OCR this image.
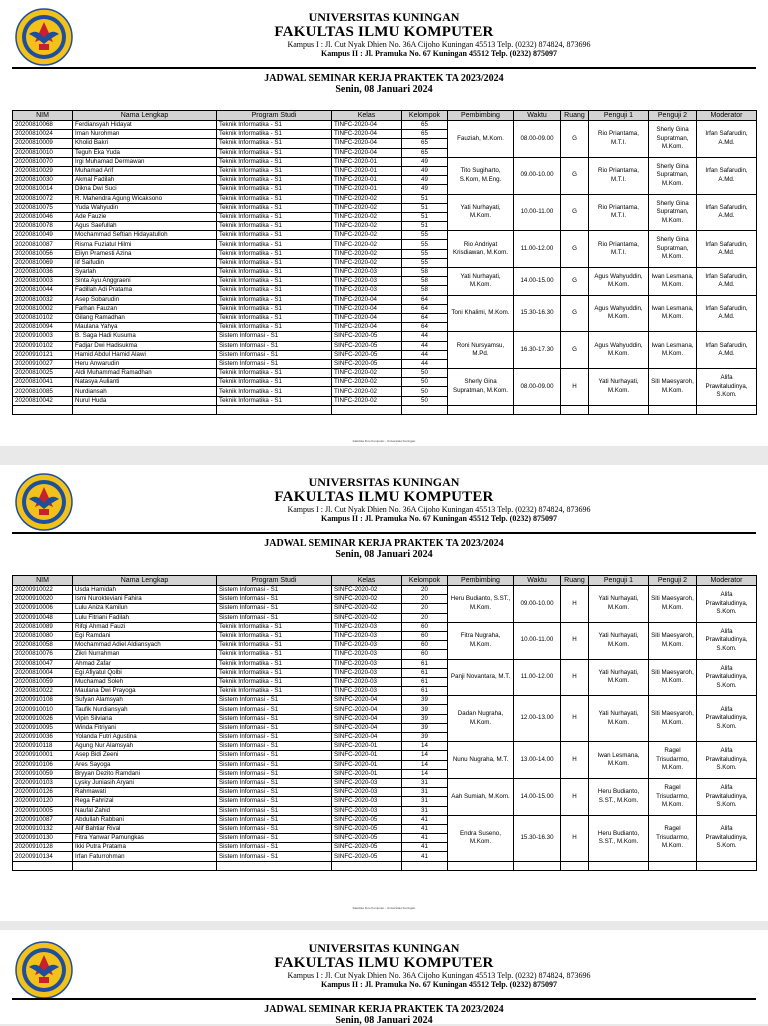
UNIVERSITAS KUNINGAN
FAKULTAS ILMU KOMPUTER
Kampus I : Jl. Cut Nyak Dhien No. 36A Cijoho Kuningan 45513 Telp. (0232) 874824, 873696
Kampus II : Jl. Pramuka No. 67 Kuningan 45512 Telp. (0232) 875097
JADWAL SEMINAR KERJA PRAKTEK TA 2023/2024
Senin, 08 Januari 2024
NIM	Nama Lengkap	Program Studi	Kelas	Kelompok	Pembimbing	Waktu	Ruang	Penguji 1	Penguji 2	Moderator
20200810068	Ferdiansyah Hidayat	Teknik Informatika - S1	TINFC-2020-04	65	Fauziah, M.Kom.	08.00-09.00	G	Rio Priantama, M.T.I.	Sherly Gina Supratman, M.Kom.	Irfan Safarudin, A.Md.
20200810024	Iman Nurohman	Teknik Informatika - S1	TINFC-2020-04	65						
20200810009	Kholid Bakri	Teknik Informatika - S1	TINFC-2020-04	65						
20200810010	Teguh Eka Yuda	Teknik Informatika - S1	TINFC-2020-04	65						
20200810070	Irgi Muhamad Dermawan	Teknik Informatika - S1	TINFC-2020-01	49	Tito Sugiharto, S.Kom, M.Eng.	09.00-10.00	G	Rio Priantama, M.T.I.	Sherly Gina Supratman, M.Kom.	Irfan Safarudin, A.Md.
20200810029	Muhamad Arif	Teknik Informatika - S1	TINFC-2020-01	49						
20200810030	Akmal Fadilah	Teknik Informatika - S1	TINFC-2020-01	49						
20200810014	Dikna Dwi Suci	Teknik Informatika - S1	TINFC-2020-01	49						
20200810072	R. Mahendra Agung Wicaksono	Teknik Informatika - S1	TINFC-2020-02	51	Yati Nurhayati, M.Kom.	10.00-11.00	G	Rio Priantama, M.T.I.	Sherly Gina Supratman, M.Kom.	Irfan Safarudin, A.Md.
20200810075	Yuda Wahyudin	Teknik Informatika - S1	TINFC-2020-02	51						
20200810046	Ade Fauzie	Teknik Informatika - S1	TINFC-2020-02	51						
20200810078	Agus Saefullah	Teknik Informatika - S1	TINFC-2020-02	51						
20200810049	Mochammad Seftian Hidayatulloh	Teknik Informatika - S1	TINFC-2020-02	55	Rio Andriyat Krisdiawan, M.Kom.	11.00-12.00	G	Rio Priantama, M.T.I.	Sherly Gina Supratman, M.Kom.	Irfan Safarudin, A.Md.
20200810087	Risma Fuziatul Hilmi	Teknik Informatika - S1	TINFC-2020-02	55						
20200810056	Eliyn Pramesti Azina	Teknik Informatika - S1	TINFC-2020-02	55						
20200810069	Iif Saifudin	Teknik Informatika - S1	TINFC-2020-02	55						
20200810036	Syarlah	Teknik Informatika - S1	TINFC-2020-03	58	Yati Nurhayati, M.Kom.	14.00-15.00	G	Agus Wahyuddin, M.Kom.	Iwan Lesmana, M.Kom.	Irfan Safarudin, A.Md.
20200810003	Sinta Ayu Anggraeni	Teknik Informatika - S1	TINFC-2020-03	58						
20200810044	Fadillah Adi Pratama	Teknik Informatika - S1	TINFC-2020-03	58						
20200810032	Asep Sobarudin	Teknik Informatika - S1	TINFC-2020-04	64	Toni Khalimi, M.Kom.	15.30-16.30	G	Agus Wahyuddin, M.Kom.	Iwan Lesmana, M.Kom.	Irfan Safarudin, A.Md.
20200810002	Farhan Fauzan	Teknik Informatika - S1	TINFC-2020-04	64						
20200810102	Gilang Ramadhan	Teknik Informatika - S1	TINFC-2020-04	64						
20200810094	Maulana Yahya	Teknik Informatika - S1	TINFC-2020-04	64						
20200910003	B. Saga Hadi Kusuma	Sistem Informasi - S1	SINFC-2020-05	44	Roni Nursyamsu, M.Pd.	16.30-17.30	G	Agus Wahyuddin, M.Kom.	Iwan Lesmana, M.Kom.	Irfan Safarudin, A.Md.
20200910102	Fadjar Dwi Hadisukma	Sistem Informasi - S1	SINFC-2020-05	44						
20200910121	Hamid Abdul Hamid Alawi	Sistem Informasi - S1	SINFC-2020-05	44						
20200910027	Heru Anwarudin	Sistem Informasi - S1	SINFC-2020-05	44						
20200810025	Aldi Muhammad Ramadhan	Teknik Informatika - S1	TINFC-2020-02	50	Sherly Gina Supratman, M.Kom.	08.00-09.00	H	Yati Nurhayati, M.Kom.	Siti Maesyaroh, M.Kom.	Alifa Prawitaludinya, S.Kom.
20200810041	Natasya Aulianti	Teknik Informatika - S1	TINFC-2020-02	50						
20200810085	Nurdiansah	Teknik Informatika - S1	TINFC-2020-02	50						
20200810042	Nurul Huda	Teknik Informatika - S1	TINFC-2020-02	50						

Fakultas Ilmu Komputer - Universitas Kuningan
UNIVERSITAS KUNINGAN
FAKULTAS ILMU KOMPUTER
Kampus I : Jl. Cut Nyak Dhien No. 36A Cijoho Kuningan 45513 Telp. (0232) 874824, 873696
Kampus II : Jl. Pramuka No. 67 Kuningan 45512 Telp. (0232) 875097
JADWAL SEMINAR KERJA PRAKTEK TA 2023/2024
Senin, 08 Januari 2024
NIM	Nama Lengkap	Program Studi	Kelas	Kelompok	Pembimbing	Waktu	Ruang	Penguji 1	Penguji 2	Moderator
20200910022	Usda Hamidah	Sistem Informasi - S1	SINFC-2020-02	20	Heru Budianto, S.ST., M.Kom.	09.00-10.00	H	Yati Nurhayati, M.Kom.	Siti Maesyaroh, M.Kom.	Alifa Prawitaludinya, S.Kom.
20200910020	Ismi Nurokteviani Fahira	Sistem Informasi - S1	SINFC-2020-02	20						
20200910006	Lulu Aniza Kamilun	Sistem Informasi - S1	SINFC-2020-02	20						
20200910048	Lulu Fitriani Fadilah	Sistem Informasi - S1	SINFC-2020-02	20						
20200810089	Rifqi Ahmad Fauzi	Teknik Informatika - S1	TINFC-2020-03	60	Fitra Nugraha, M.Kom.	10.00-11.00	H	Yati Nurhayati, M.Kom.	Siti Maesyaroh, M.Kom.	Alifa Prawitaludinya, S.Kom.
20200810080	Egi Ramdani	Teknik Informatika - S1	TINFC-2020-03	60						
20200810058	Mochammad Adiel Aldiansyach	Teknik Informatika - S1	TINFC-2020-03	60						
20200810076	Zikri Nurrahman	Teknik Informatika - S1	TINFC-2020-03	60						
20200810047	Ahmad Zafar	Teknik Informatika - S1	TINFC-2020-03	61	Panji Novantara, M.T.	11.00-12.00	H	Yati Nurhayati, M.Kom.	Siti Maesyaroh, M.Kom.	Alifa Prawitaludinya, S.Kom.
20200810004	Egi Afiyatul Qolbi	Teknik Informatika - S1	TINFC-2020-03	61						
20200810059	Muchamad Soleh	Teknik Informatika - S1	TINFC-2020-03	61						
20200810022	Maulana Dwi Prayoga	Teknik Informatika - S1	TINFC-2020-03	61						
20200910108	Sufyan Alamsyah	Sistem Informasi - S1	SINFC-2020-04	39	Dadan Nugraha, M.Kom.	12.00-13.00	H	Yati Nurhayati, M.Kom.	Siti Maesyaroh, M.Kom.	Alifa Prawitaludinya, S.Kom.
20200910010	Taufik Nurdiansyah	Sistem Informasi - S1	SINFC-2020-04	39						
20200910026	Vipin Silviana	Sistem Informasi - S1	SINFC-2020-04	39						
20200910095	Winda Fitriyani	Sistem Informasi - S1	SINFC-2020-04	39						
20200910036	Yolanda Futri Agustina	Sistem Informasi - S1	SINFC-2020-04	39						
20200910118	Agung Nur Alamsyah	Sistem Informasi - S1	SINFC-2020-01	14	Nunu Nugraha, M.T.	13.00-14.00	H	Iwan Lesmana, M.Kom.	Ragel Trisudarmo, M.Kom.	Alifa Prawitaludinya, S.Kom.
20200910001	Asep Bidi Zeeni	Sistem Informasi - S1	SINFC-2020-01	14						
20200910106	Ares Sayoga	Sistem Informasi - S1	SINFC-2020-01	14						
20200910059	Bryyan Dezito Ramdani	Sistem Informasi - S1	SINFC-2020-01	14						
20200910103	Lysky Juniasih Aryani	Sistem Informasi - S1	SINFC-2020-03	31	Aah Sumiah, M.Kom.	14.00-15.00	H	Heru Budianto, S.ST., M.Kom.	Ragel Trisudarmo, M.Kom.	Alifa Prawitaludinya, S.Kom.
20200910126	Rahmawati	Sistem Informasi - S1	SINFC-2020-03	31						
20200910120	Rega Fahrizal	Sistem Informasi - S1	SINFC-2020-03	31						
20200910005	Naufal Zahid	Sistem Informasi - S1	SINFC-2020-03	31						
20200910087	Abdullah Rabbani	Sistem Informasi - S1	SINFC-2020-05	41	Endra Suseno, M.Kom.	15.30-16.30	H	Heru Budianto, S.ST., M.Kom.	Ragel Trisudarmo, M.Kom.	Alifa Prawitaludinya, S.Kom.
20200910132	Alif Bahtiar Rival	Sistem Informasi - S1	SINFC-2020-05	41						
20200910130	Fitra Yanwar Pamungkas	Sistem Informasi - S1	SINFC-2020-05	41						
20200910128	Ikki Putra Pratama	Sistem Informasi - S1	SINFC-2020-05	41						
20200910134	Irfan Faturrohman	Sistem Informasi - S1	SINFC-2020-05	41						

Fakultas Ilmu Komputer - Universitas Kuningan
UNIVERSITAS KUNINGAN
FAKULTAS ILMU KOMPUTER
Kampus I : Jl. Cut Nyak Dhien No. 36A Cijoho Kuningan 45513 Telp. (0232) 874824, 873696
Kampus II : Jl. Pramuka No. 67 Kuningan 45512 Telp. (0232) 875097
JADWAL SEMINAR KERJA PRAKTEK TA 2023/2024
Senin, 08 Januari 2024
